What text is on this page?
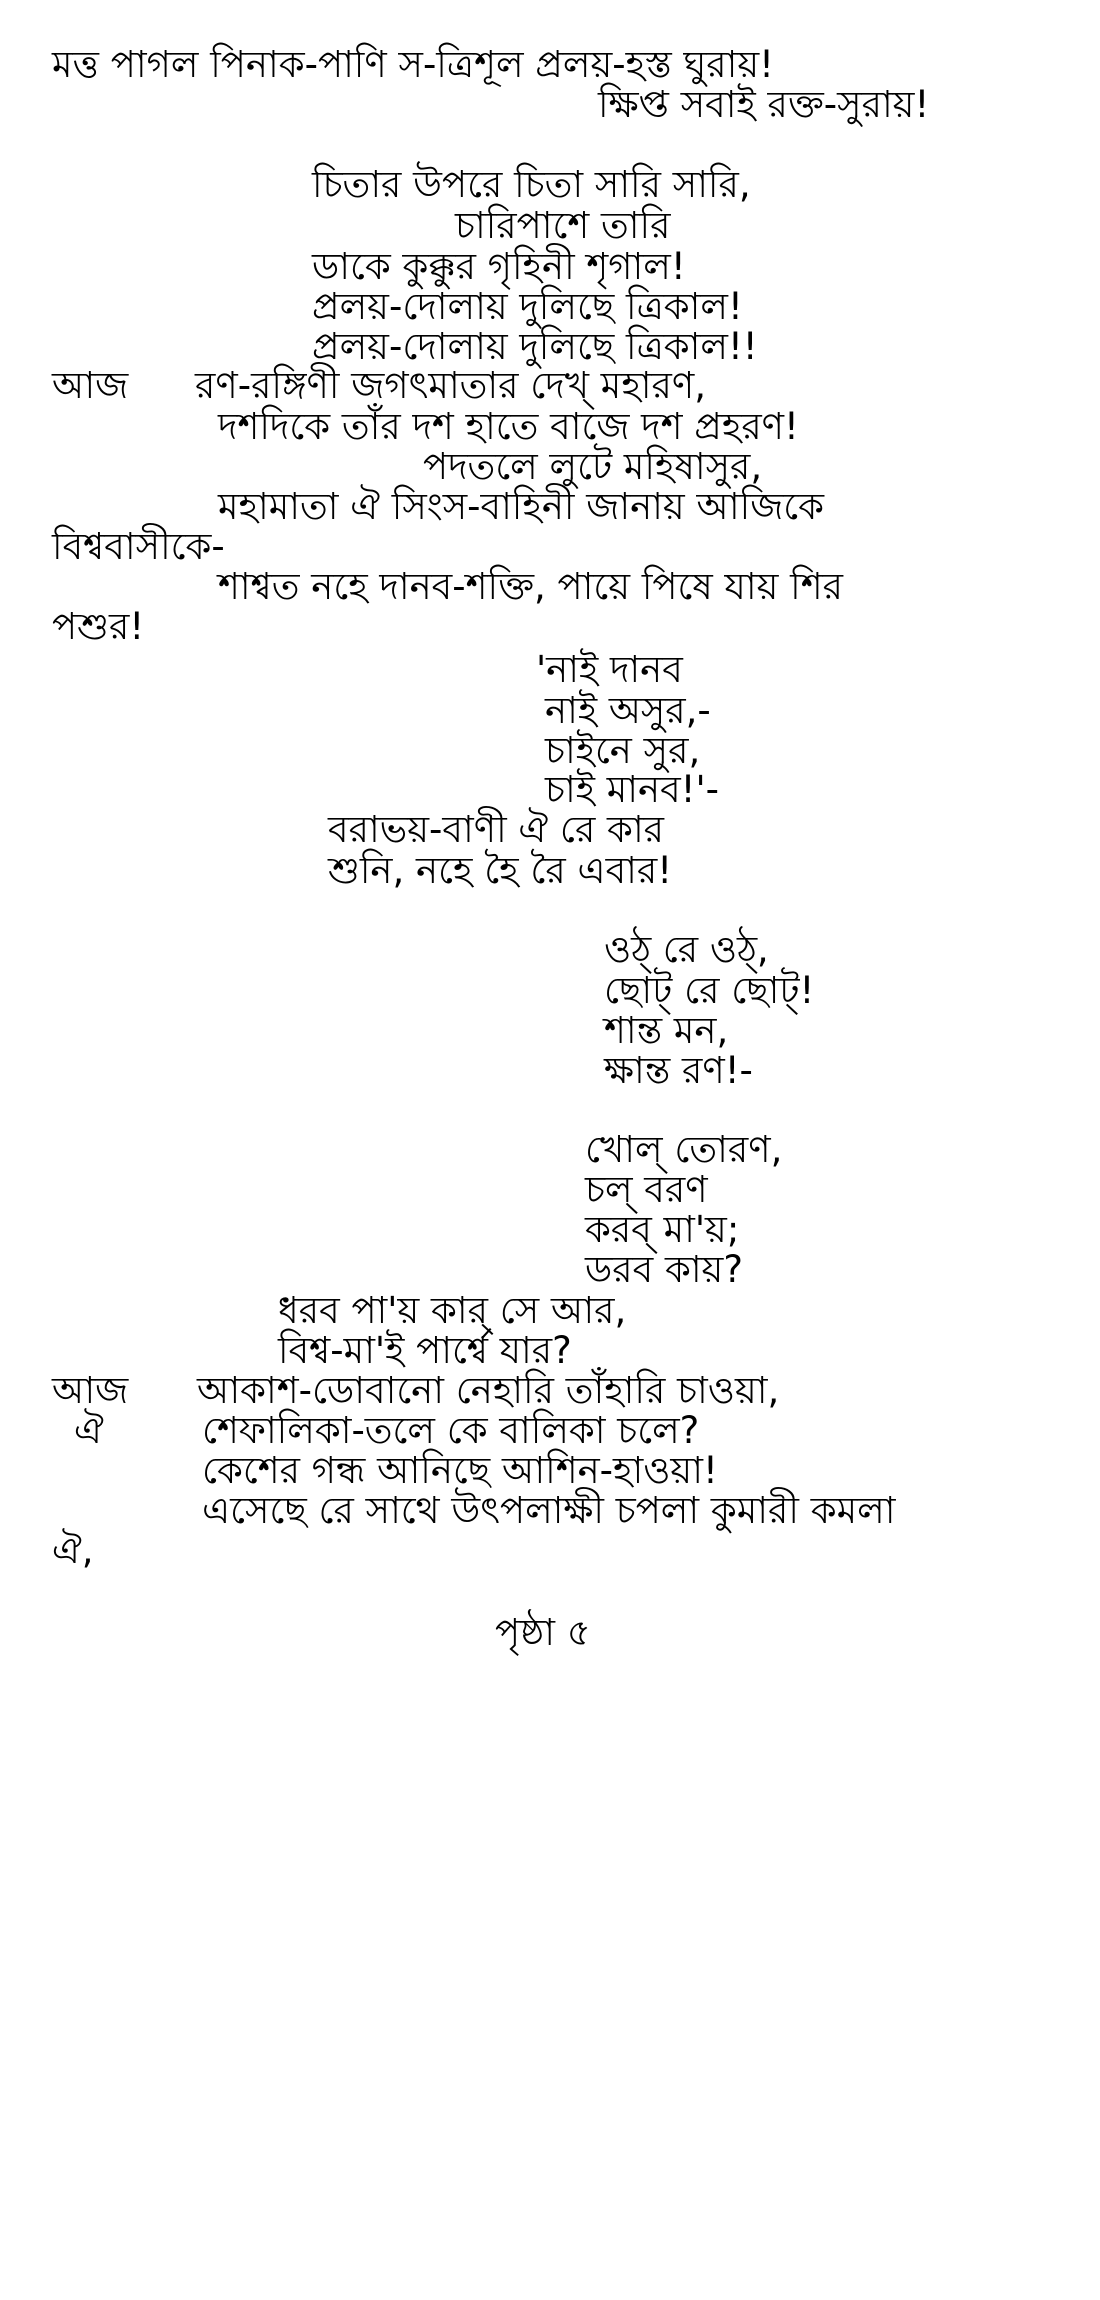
মত্ত পাগল পিনাক-পাণি স-ত্রিশূল প্রলয়-হস্ত ঘুরায়!
ক্ষিপ্ত সবাই রক্ত-সুরায়!
চিতার উপরে চিতা সারি সারি,
চারিপাশে তারি
ডাকে কুক্কুর গৃহিনী শৃগাল!
প্রলয়-দোলায় দুলিছে ত্রিকাল!
প্রলয়-দোলায় দুলিছে ত্রিকাল!!
আজ রণ-রঙ্গিণী জগৎমাতার দেখ্ মহারণ,
দশদিকে তাঁর দশ হাতে বাজে দশ প্রহরণ!
পদতলে লুটে মহিষাসুর,
মহামাতা ঐ সিংস-বাহিনী জানায় আজিকে
বিশ্ববাসীকে-
শাশ্বত নহে দানব-শক্তি, পায়ে পিষে যায় শির
পশুর!
'নাই দানব
নাই অসুর,-
চাইনে সুর,
চাই মানব!'-
বরাভয়-বাণী ঐ রে কার
শুনি, নহে হৈ রৈ এবার!
ওঠ্ রে ওঠ্,
ছোট্ রে ছোট্!
শান্ত মন,
ক্ষান্ত রণ!-
খোল্ তোরণ,
চল্ বরণ
করব্ মা'য়;
ডরব কায়?
ধরব পা'য় কার্ সে আর,
বিশ্ব-মা'ই পার্শ্বে যার?
আজ আকাশ-ডোবানো নেহারি তাঁহারি চাওয়া,
ঐ	শেফালিকা-তলে কে বালিকা চলে?
কেশের গন্ধ আনিছে আশিন-হাওয়া!
এসেছে রে সাথে উৎপলাক্ষী চপলা কুমারী কমলা
ঐ,
পৃষ্ঠা ৫
